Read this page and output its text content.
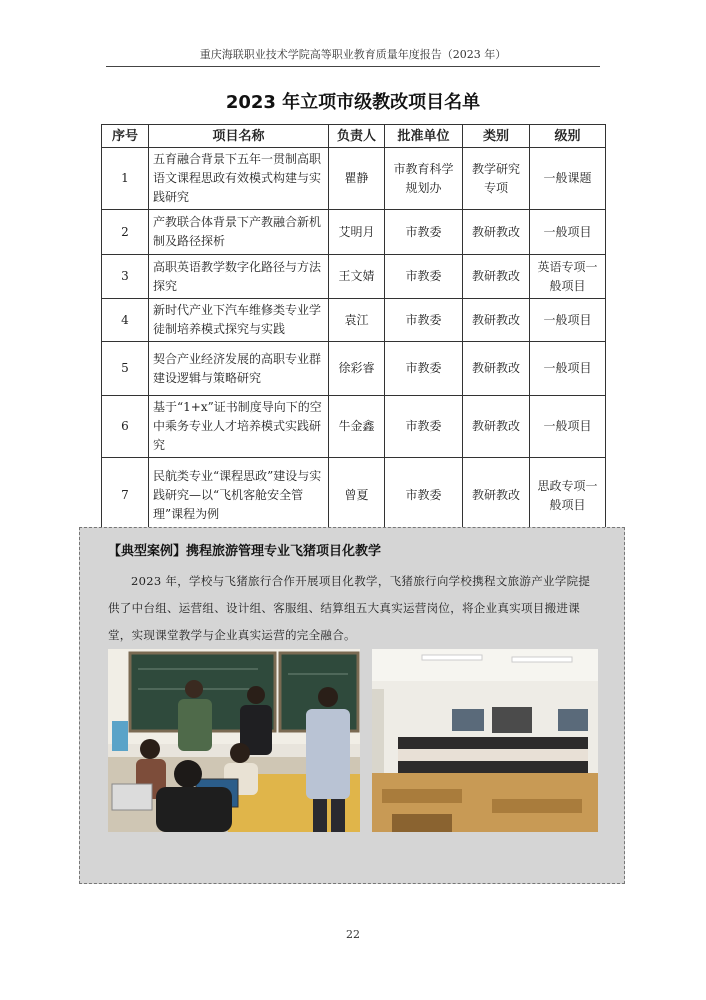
重庆海联职业技术学院高等职业教育质量年度报告（2023 年）
2023 年立项市级教改项目名单
序号	项目名称	负责人	批准单位	类别	级别
1	五育融合背景下五年一贯制高职语文课程思政有效模式构建与实践研究	瞿静	市教育科学规划办	教学研究专项	一般课题
2	产教联合体背景下产教融合新机制及路径探析	艾明月	市教委	教研教改	一般项目
3	高职英语教学数字化路径与方法探究	王文婧	市教委	教研教改	英语专项一般项目
4	新时代产业下汽车维修类专业学徒制培养模式探究与实践	袁江	市教委	教研教改	一般项目
5	契合产业经济发展的高职专业群建设逻辑与策略研究	徐彩睿	市教委	教研教改	一般项目
6	基于“1+x”证书制度导向下的空中乘务专业人才培养模式实践研究	牛金鑫	市教委	教研教改	一般项目
7	民航类专业“课程思政”建设与实践研究—以“飞机客舱安全管理”课程为例	曾夏	市教委	教研教改	思政专项一般项目
【典型案例】携程旅游管理专业飞猪项目化教学

2023 年，学校与飞猪旅行合作开展项目化教学，飞猪旅行向学校携程文旅游产业学院提供了中台组、运营组、设计组、客服组、结算组五大真实运营岗位，将企业真实项目搬进课堂，实现课堂教学与企业真实运营的完全融合。

22
